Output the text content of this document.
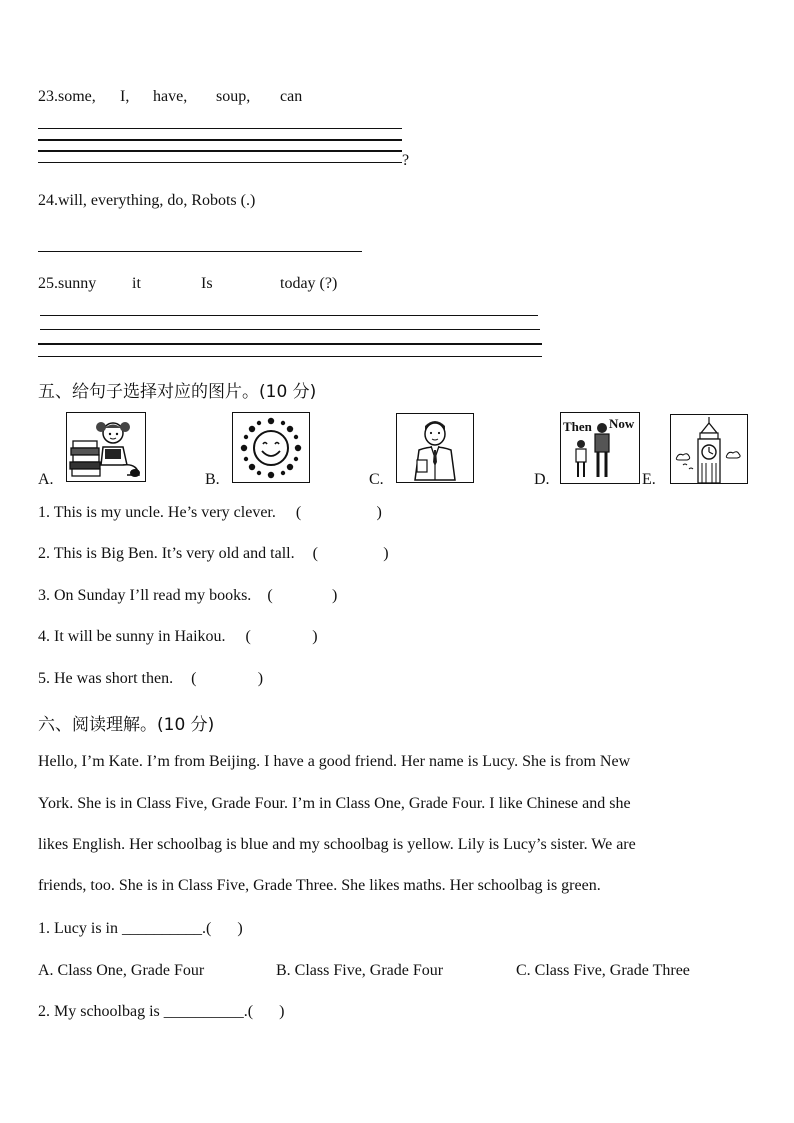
23.some, I, have, soup, can
?
24.will, everything, do, Robots (.)
25.sunny it	Is	today (?)
五、给句子选择对应的图片。(10 分)
A.	B.	C.	D.	E.
Then Now
1. This is my uncle. He’s very clever. (	)
2. This is Big Ben. It’s very old and tall. (	)
3. On Sunday I’ll read my books. (	)
4. It will be sunny in Haikou. (	)
5. He was short then. (	)
六、阅读理解。(10 分)
Hello, I’m Kate. I’m from Beijing. I have a good friend. Her name is Lucy. She is from New
York. She is in Class Five, Grade Four. I’m in Class One, Grade Four. I like Chinese and she
likes English. Her schoolbag is blue and my schoolbag is yellow. Lily is Lucy’s sister. We are
friends, too. She is in Class Five, Grade Three. She likes maths. Her schoolbag is green.
1. Lucy is in __________.( )
A. Class One, Grade Four	B. Class Five, Grade Four	C. Class Five, Grade Three
2. My schoolbag is __________.( )
